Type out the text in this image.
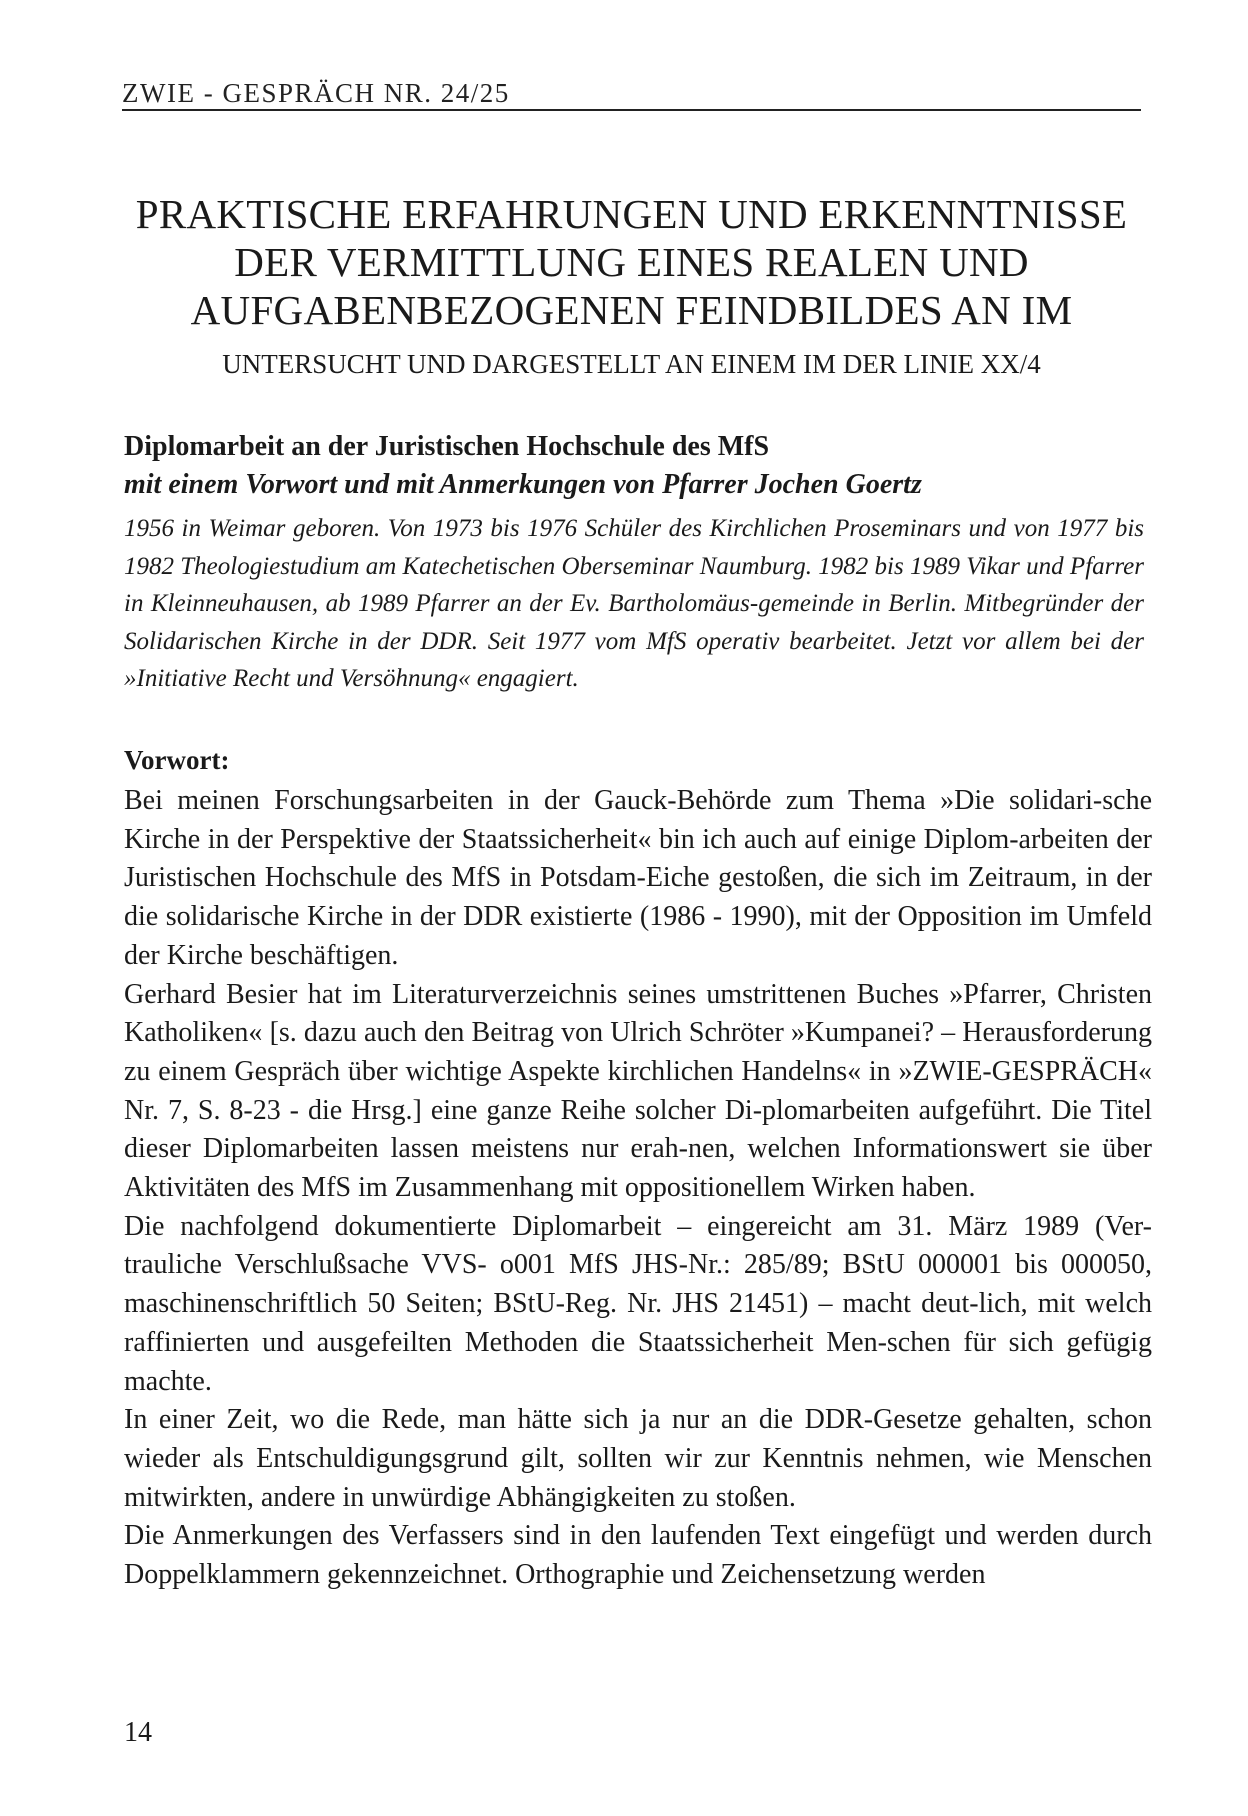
ZWIE - GESPRÄCH NR. 24/25
PRAKTISCHE ERFAHRUNGEN UND ERKENNTNISSE
DER VERMITTLUNG EINES REALEN UND
AUFGABENBEZOGENEN FEINDBILDES AN IM
UNTERSUCHT UND DARGESTELLT AN EINEM IM DER LINIE XX/4
Diplomarbeit an der Juristischen Hochschule des MfS
mit einem Vorwort und mit Anmerkungen von Pfarrer Jochen Goertz
1956 in Weimar geboren. Von 1973 bis 1976 Schüler des Kirchlichen Proseminars und von 1977 bis 1982 Theologiestudium am Katechetischen Oberseminar Naumburg. 1982 bis 1989 Vikar und Pfarrer in Kleinneuhausen, ab 1989 Pfarrer an der Ev. Bartholomäus-gemeinde in Berlin. Mitbegründer der Solidarischen Kirche in der DDR. Seit 1977 vom MfS operativ bearbeitet. Jetzt vor allem bei der »Initiative Recht und Versöhnung« engagiert.
Vorwort:

Bei meinen Forschungsarbeiten in der Gauck-Behörde zum Thema »Die solidari-sche Kirche in der Perspektive der Staatssicherheit« bin ich auch auf einige Diplom-arbeiten der Juristischen Hochschule des MfS in Potsdam-Eiche gestoßen, die sich im Zeitraum, in der die solidarische Kirche in der DDR existierte (1986 - 1990), mit der Opposition im Umfeld der Kirche beschäftigen.

Gerhard Besier hat im Literaturverzeichnis seines umstrittenen Buches »Pfarrer, Christen Katholiken« [s. dazu auch den Beitrag von Ulrich Schröter »Kumpanei? – Herausforderung zu einem Gespräch über wichtige Aspekte kirchlichen Handelns« in »ZWIE-GESPRÄCH« Nr. 7, S. 8-23 - die Hrsg.] eine ganze Reihe solcher Di-plomarbeiten aufgeführt. Die Titel dieser Diplomarbeiten lassen meistens nur erah-nen, welchen Informationswert sie über Aktivitäten des MfS im Zusammenhang mit oppositionellem Wirken haben.

Die nachfolgend dokumentierte Diplomarbeit – eingereicht am 31. März 1989 (Ver-trauliche Verschlußsache VVS- o001 MfS JHS-Nr.: 285/89; BStU 000001 bis 000050, maschinenschriftlich 50 Seiten; BStU-Reg. Nr. JHS 21451) – macht deut-lich, mit welch raffinierten und ausgefeilten Methoden die Staatssicherheit Men-schen für sich gefügig machte.

In einer Zeit, wo die Rede, man hätte sich ja nur an die DDR-Gesetze gehalten, schon wieder als Entschuldigungsgrund gilt, sollten wir zur Kenntnis nehmen, wie Menschen mitwirkten, andere in unwürdige Abhängigkeiten zu stoßen.

Die Anmerkungen des Verfassers sind in den laufenden Text eingefügt und werden durch Doppelklammern gekennzeichnet. Orthographie und Zeichensetzung werden

14
